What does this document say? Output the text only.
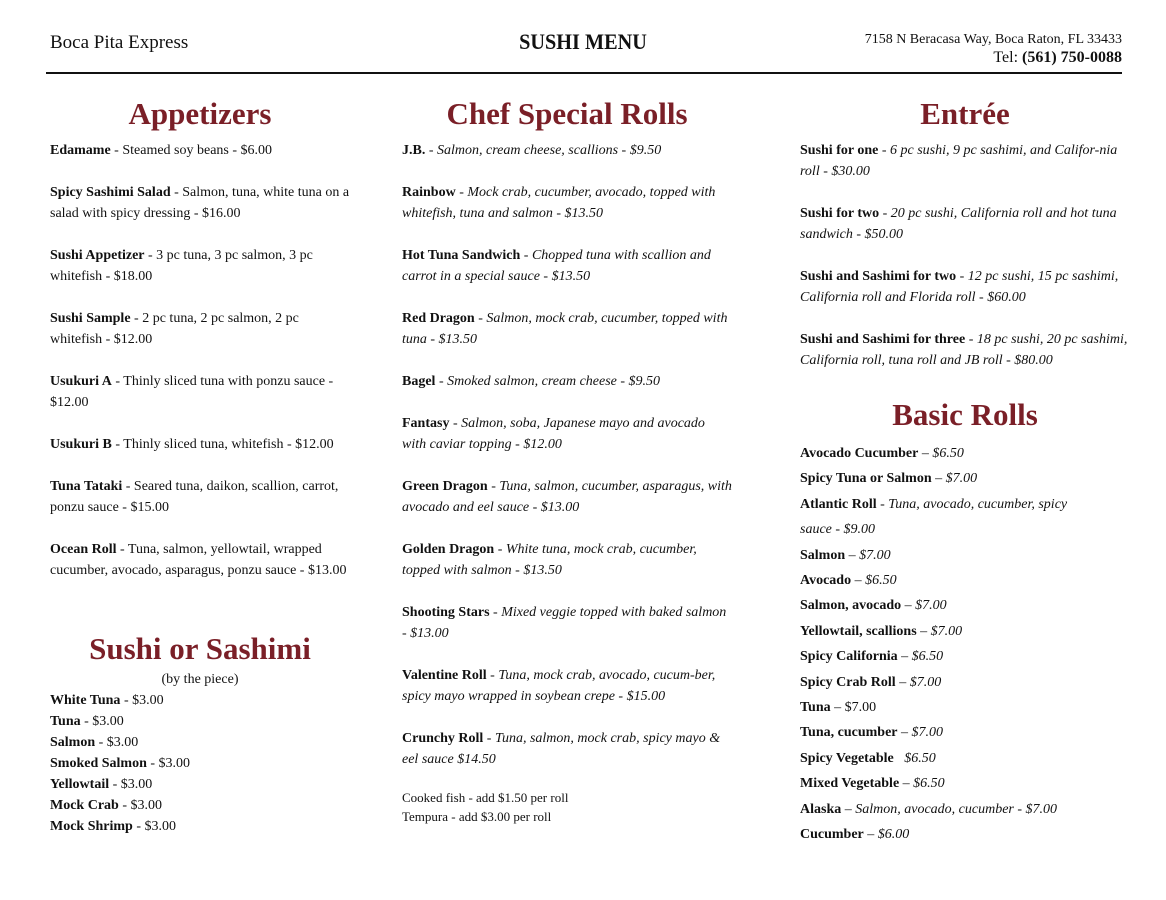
Boca Pita Express	SUSHI MENU	7158 N Beracasa Way, Boca Raton, FL 33433
Tel: (561) 750-0088
Appetizers
Edamame - Steamed soy beans - $6.00
Spicy Sashimi Salad - Salmon, tuna, white tuna on a salad with spicy dressing - $16.00
Sushi Appetizer - 3 pc tuna, 3 pc salmon, 3 pc whitefish - $18.00
Sushi Sample - 2 pc tuna, 2 pc salmon, 2 pc whitefish - $12.00
Usukuri A - Thinly sliced tuna with ponzu sauce - $12.00
Usukuri B - Thinly sliced tuna, whitefish - $12.00
Tuna Tataki - Seared tuna, daikon, scallion, carrot, ponzu sauce - $15.00
Ocean Roll - Tuna, salmon, yellowtail, wrapped cucumber, avocado, asparagus, ponzu sauce - $13.00
Sushi or Sashimi
(by the piece)
White Tuna - $3.00
Tuna - $3.00
Salmon - $3.00
Smoked Salmon - $3.00
Yellowtail - $3.00
Mock Crab - $3.00
Mock Shrimp - $3.00
Chef Special Rolls
J.B. - Salmon, cream cheese, scallions - $9.50
Rainbow - Mock crab, cucumber, avocado, topped with whitefish, tuna and salmon - $13.50
Hot Tuna Sandwich - Chopped tuna with scallion and carrot in a special sauce - $13.50
Red Dragon - Salmon, mock crab, cucumber, topped with tuna - $13.50
Bagel - Smoked salmon, cream cheese - $9.50
Fantasy - Salmon, soba, Japanese mayo and avocado with caviar topping - $12.00
Green Dragon - Tuna, salmon, cucumber, asparagus, with avocado and eel sauce - $13.00
Golden Dragon - White tuna, mock crab, cucumber, topped with salmon - $13.50
Shooting Stars - Mixed veggie topped with baked salmon - $13.00
Valentine Roll - Tuna, mock crab, avocado, cucum-ber, spicy mayo wrapped in soybean crepe - $15.00
Crunchy Roll - Tuna, salmon, mock crab, spicy mayo & eel sauce $14.50
Cooked fish - add $1.50 per roll
Tempura - add $3.00 per roll
Entrée
Sushi for one - 6 pc sushi, 9 pc sashimi, and Califor-nia roll - $30.00
Sushi for two - 20 pc sushi, California roll and hot tuna sandwich - $50.00
Sushi and Sashimi for two - 12 pc sushi, 15 pc sashimi, California roll and Florida roll - $60.00
Sushi and Sashimi for three - 18 pc sushi, 20 pc sashimi, California roll, tuna roll and JB roll - $80.00
Basic Rolls
Avocado Cucumber – $6.50
Spicy Tuna or Salmon – $7.00
Atlantic Roll - Tuna, avocado, cucumber, spicy sauce - $9.00
Salmon – $7.00
Avocado – $6.50
Salmon, avocado – $7.00
Yellowtail, scallions – $7.00
Spicy California – $6.50
Spicy Crab Roll – $7.00
Tuna – $7.00
Tuna, cucumber – $7.00
Spicy Vegetable   $6.50
Mixed Vegetable – $6.50
Alaska – Salmon, avocado, cucumber - $7.00
Cucumber – $6.00
